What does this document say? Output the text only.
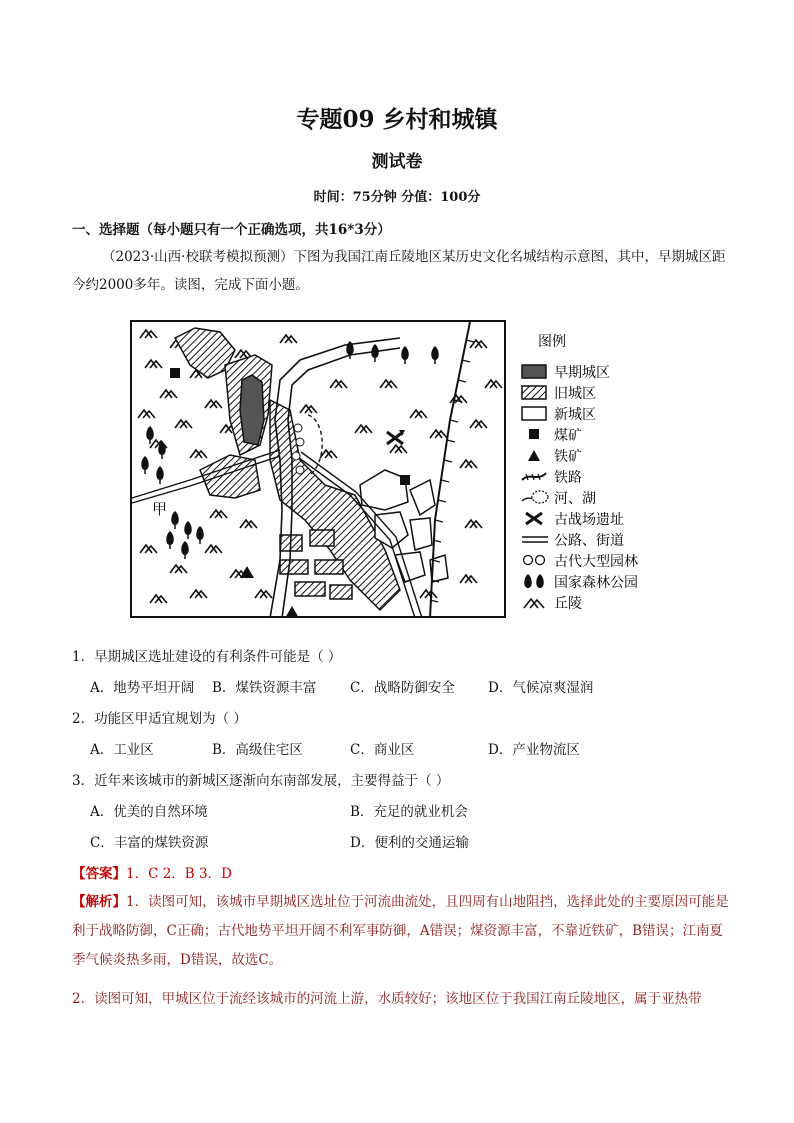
专题09 乡村和城镇
测试卷
时间：75分钟 分值：100分
一、选择题（每小题只有一个正确选项，共16*3分）
（2023·山西·校联考模拟预测）下图为我国江南丘陵地区某历史文化名城结构示意图，其中，早期城区距今约2000多年。读图，完成下面小题。
甲
图例
早期城区
旧城区
新城区
煤矿
铁矿
铁路
河、湖
古战场遗址
公路、街道
古代大型园林
国家森林公园
丘陵
1．早期城区选址建设的有利条件可能是（ ）
A．地势平坦开阔 B．煤铁资源丰富 C．战略防御安全 D．气候凉爽湿润
2．功能区甲适宜规划为（ ）
A．工业区	B．高级住宅区	C．商业区	D．产业物流区
3．近年来该城市的新城区逐渐向东南部发展，主要得益于（ ）
A．优美的自然环境	B．充足的就业机会
C．丰富的煤铁资源	D．便利的交通运输
【答案】1．C 2．B 3．D
【解析】1．读图可知，该城市早期城区选址位于河流曲流处，且四周有山地阻挡，选择此处的主要原因可能是利于战略防御，C正确；古代地势平坦开阔不利军事防御，A错误；煤资源丰富，不靠近铁矿，B错误；江南夏季气候炎热多雨，D错误，故选C。
2．读图可知，甲城区位于流经该城市的河流上游，水质较好；该地区位于我国江南丘陵地区，属于亚热带
